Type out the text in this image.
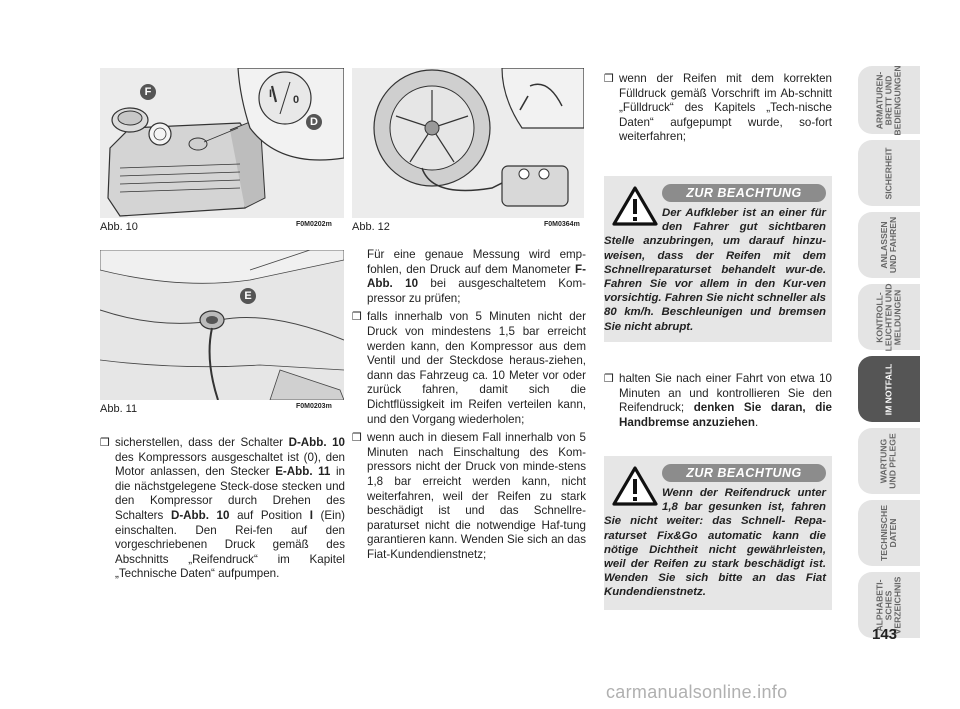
F
D
I 0
Abb. 10	F0M0202m
E
Abb. 11	F0M0203m
Abb. 12	F0M0364m

❒ sicherstellen, dass der Schalter D-Abb. 10 des Kompressors ausgeschaltet ist (0), den Motor anlassen, den Stecker E-Abb. 11 in die nächstgelegene Steck-dose stecken und den Kompressor durch Drehen des Schalters D-Abb. 10 auf Position I (Ein) einschalten. Den Rei-fen auf den vorgeschriebenen Druck gemäß des Abschnitts „Reifendruck“ im Kapitel „Technische Daten“ aufpumpen.

Für eine genaue Messung wird emp-fohlen, den Druck auf dem Manometer F-Abb. 10 bei ausgeschaltetem Kom-pressor zu prüfen;

❒ falls innerhalb von 5 Minuten nicht der Druck von mindestens 1,5 bar erreicht werden kann, den Kompressor aus dem Ventil und der Steckdose heraus-ziehen, dann das Fahrzeug ca. 10 Meter vor oder zurück fahren, damit sich die Dichtflüssigkeit im Reifen verteilen kann, und den Vorgang wiederholen;

❒ wenn auch in diesem Fall innerhalb von 5 Minuten nach Einschaltung des Kom-pressors nicht der Druck von minde-stens 1,8 bar erreicht werden kann, nicht weiterfahren, weil der Reifen zu stark beschädigt ist und das Schnellre-paraturset nicht die notwendige Haf-tung garantieren kann. Wenden Sie sich an das Fiat-Kundendienstnetz;

❒ wenn der Reifen mit dem korrekten Fülldruck gemäß Vorschrift im Ab-schnitt „Fülldruck“ des Kapitels „Tech-nische Daten“ aufgepumpt wurde, so-fort weiterfahren;

ZUR BEACHTUNG
Der Aufkleber ist an einer für den Fahrer gut sichtbaren Stelle anzubringen, um darauf hinzu-weisen, dass der Reifen mit dem Schnellreparaturset behandelt wur-de. Fahren Sie vor allem in den Kur-ven vorsichtig. Fahren Sie nicht schneller als 80 km/h. Beschleunigen und bremsen Sie nicht abrupt.

❒ halten Sie nach einer Fahrt von etwa 10 Minuten an und kontrollieren Sie den Reifendruck; denken Sie daran, die Handbremse anzuziehen.

ZUR BEACHTUNG
Wenn der Reifendruck unter 1,8 bar gesunken ist, fahren Sie nicht weiter: das Schnell- Repa-raturset Fix&Go automatic kann die nötige Dichtheit nicht gewährleisten, weil der Reifen zu stark beschädigt ist. Wenden Sie sich bitte an das Fiat Kundendienstnetz.
ARMATUREN-
BRETT UND
BEDIENGUNGEN
SICHERHEIT
ANLASSEN
UND FAHREN
KONTROLL-
LEUCHTEN UND
MELDUNGEN
IM NOTFALL
WARTUNG
UND PFLEGE
TECHNISCHE
DATEN
ALPHABETI-
SCHES
VERZEICHNIS
143
carmanualsonline.info
